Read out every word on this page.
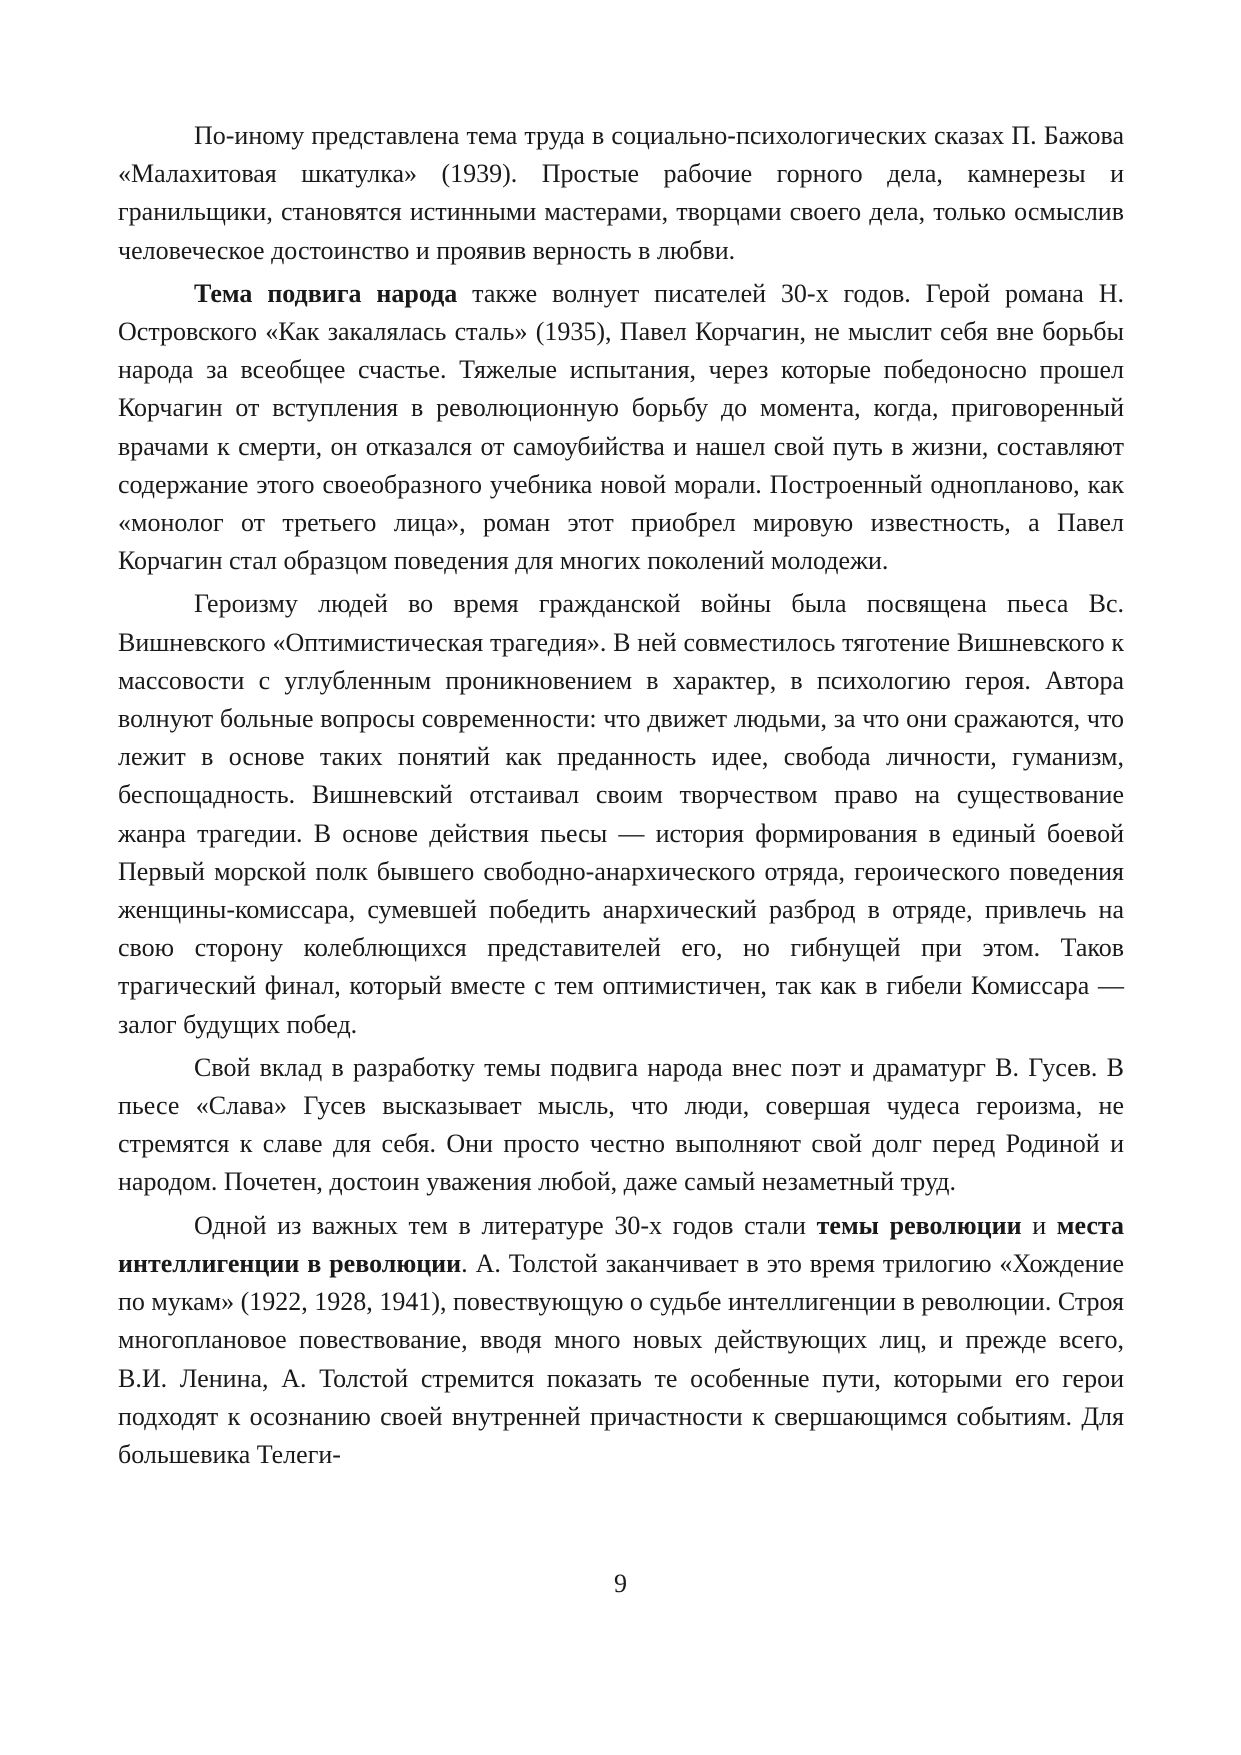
По-иному представлена тема труда в социально-психологических сказах П. Бажова «Малахитовая шкатулка» (1939). Простые рабочие горного дела, камнерезы и гранильщики, становятся истинными мастерами, творцами своего дела, только осмыслив человеческое достоинство и проявив верность в любви.

Тема подвига народа также волнует писателей 30-х годов. Герой романа Н. Островского «Как закалялась сталь» (1935), Павел Корчагин, не мыслит себя вне борьбы народа за всеобщее счастье. Тяжелые испытания, через которые победоносно прошел Корчагин от вступления в революционную борьбу до момента, когда, приговоренный врачами к смерти, он отказался от самоубийства и нашел свой путь в жизни, составляют содержание этого своеобразного учебника новой морали. Построенный однопланово, как «монолог от третьего лица», роман этот приобрел мировую известность, а Павел Корчагин стал образцом поведения для многих поколений молодежи.

Героизму людей во время гражданской войны была посвящена пьеса Вс. Вишневского «Оптимистическая трагедия». В ней совместилось тяготение Вишневского к массовости с углубленным проникновением в характер, в психологию героя. Автора волнуют больные вопросы современности: что движет людьми, за что они сражаются, что лежит в основе таких понятий как преданность идее, свобода личности, гуманизм, беспощадность. Вишневский отстаивал своим творчеством право на существование жанра трагедии. В основе действия пьесы — история формирования в единый боевой Первый морской полк бывшего свободно-анархического отряда, героического поведения женщины-комиссара, сумевшей победить анархический разброд в отряде, привлечь на свою сторону колеблющихся представителей его, но гибнущей при этом. Таков трагический финал, который вместе с тем оптимистичен, так как в гибели Комиссара — залог будущих побед.

Свой вклад в разработку темы подвига народа внес поэт и драматург В. Гусев. В пьесе «Слава» Гусев высказывает мысль, что люди, совершая чудеса героизма, не стремятся к славе для себя. Они просто честно выполняют свой долг перед Родиной и народом. Почетен, достоин уважения любой, даже самый незаметный труд.

Одной из важных тем в литературе 30-х годов стали темы революции и места интеллигенции в революции. А. Толстой заканчивает в это время трилогию «Хождение по мукам» (1922, 1928, 1941), повествующую о судьбе интеллигенции в революции. Строя многоплановое повествование, вводя много новых действующих лиц, и прежде всего, В.И. Ленина, А. Толстой стремится показать те особенные пути, которыми его герои подходят к осознанию своей внутренней причастности к свершающимся событиям. Для большевика Телеги-

9
